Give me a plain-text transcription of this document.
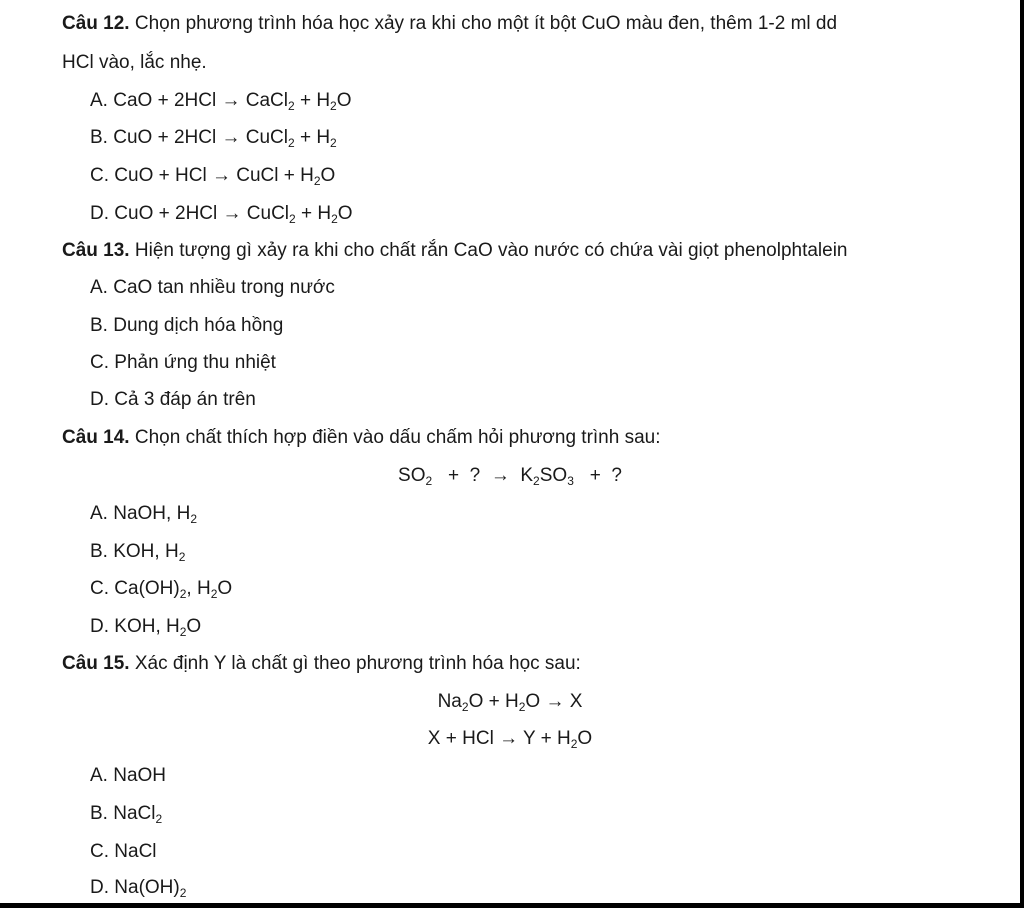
Câu 12. Chọn phương trình hóa học xảy ra khi cho một ít bột CuO màu đen, thêm 1-2 ml dd
HCl vào, lắc nhẹ.
A. CaO + 2HCl → CaCl$_2$ + $H_2O$
B. CuO + 2HCl → CuCl$_2$ + $H_2$
C. CuO + HCl → CuCl + $H_2O$
D. CuO + 2HCl → CuCl$_2$ + $H_2O$
Câu 13. Hiện tượng gì xảy ra khi cho chất rắn CaO vào nước có chứa vài giọt phenolphtalein
A. CaO tan nhiều trong nước
B. Dung dịch hóa hồng
C. Phản ứng thu nhiệt
D. Cả 3 đáp án trên
Câu 14. Chọn chất thích hợp điền vào dấu chấm hỏi phương trình sau:
$SO_2$   +  ?  →  $K_2SO_3$   +  ?
A. NaOH, $H_2$
B. KOH, $H_2$
C. $Ca(OH)_2$, $H_2O$
D. KOH, $H_2O$
Câu 15. Xác định Y là chất gì theo phương trình hóa học sau:
$Na_2O + H_2O \to X$
X + HCl → $Y + H_2O$
A. NaOH
B. NaCl$_2$
C. NaCl
D. $Na(OH)_2$
